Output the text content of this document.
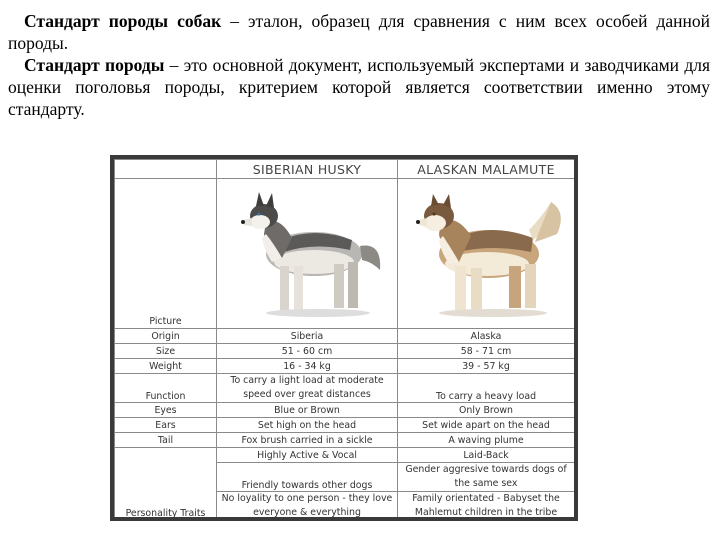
Стандарт породы собак – эталон, образец для сравнения с ним всех особей данной породы.

Стандарт породы – это основной документ, используемый экспертами и заводчиками для оценки поголовья породы, критерием которой является соответствии именно этому стандарту.

	SIBERIAN HUSKY	ALASKAN MALAMUTE
Picture		
Origin	Siberia	Alaska
Size	51 - 60 cm	58 - 71 cm
Weight	16 - 34 kg	39 - 57 kg
Function	To carry a light load at moderate speed over great distances	To carry a heavy load
Eyes	Blue or Brown	Only Brown
Ears	Set high on the head	Set wide apart on the head
Tail	Fox brush carried in a sickle	A waving plume
Personality Traits	Highly Active & Vocal	Laid-Back
	Friendly towards other dogs	Gender aggresive towards dogs of the same sex
	No loyality to one person - they love everyone & everything	Family orientated - Babyset the Mahlemut children in the tribe
